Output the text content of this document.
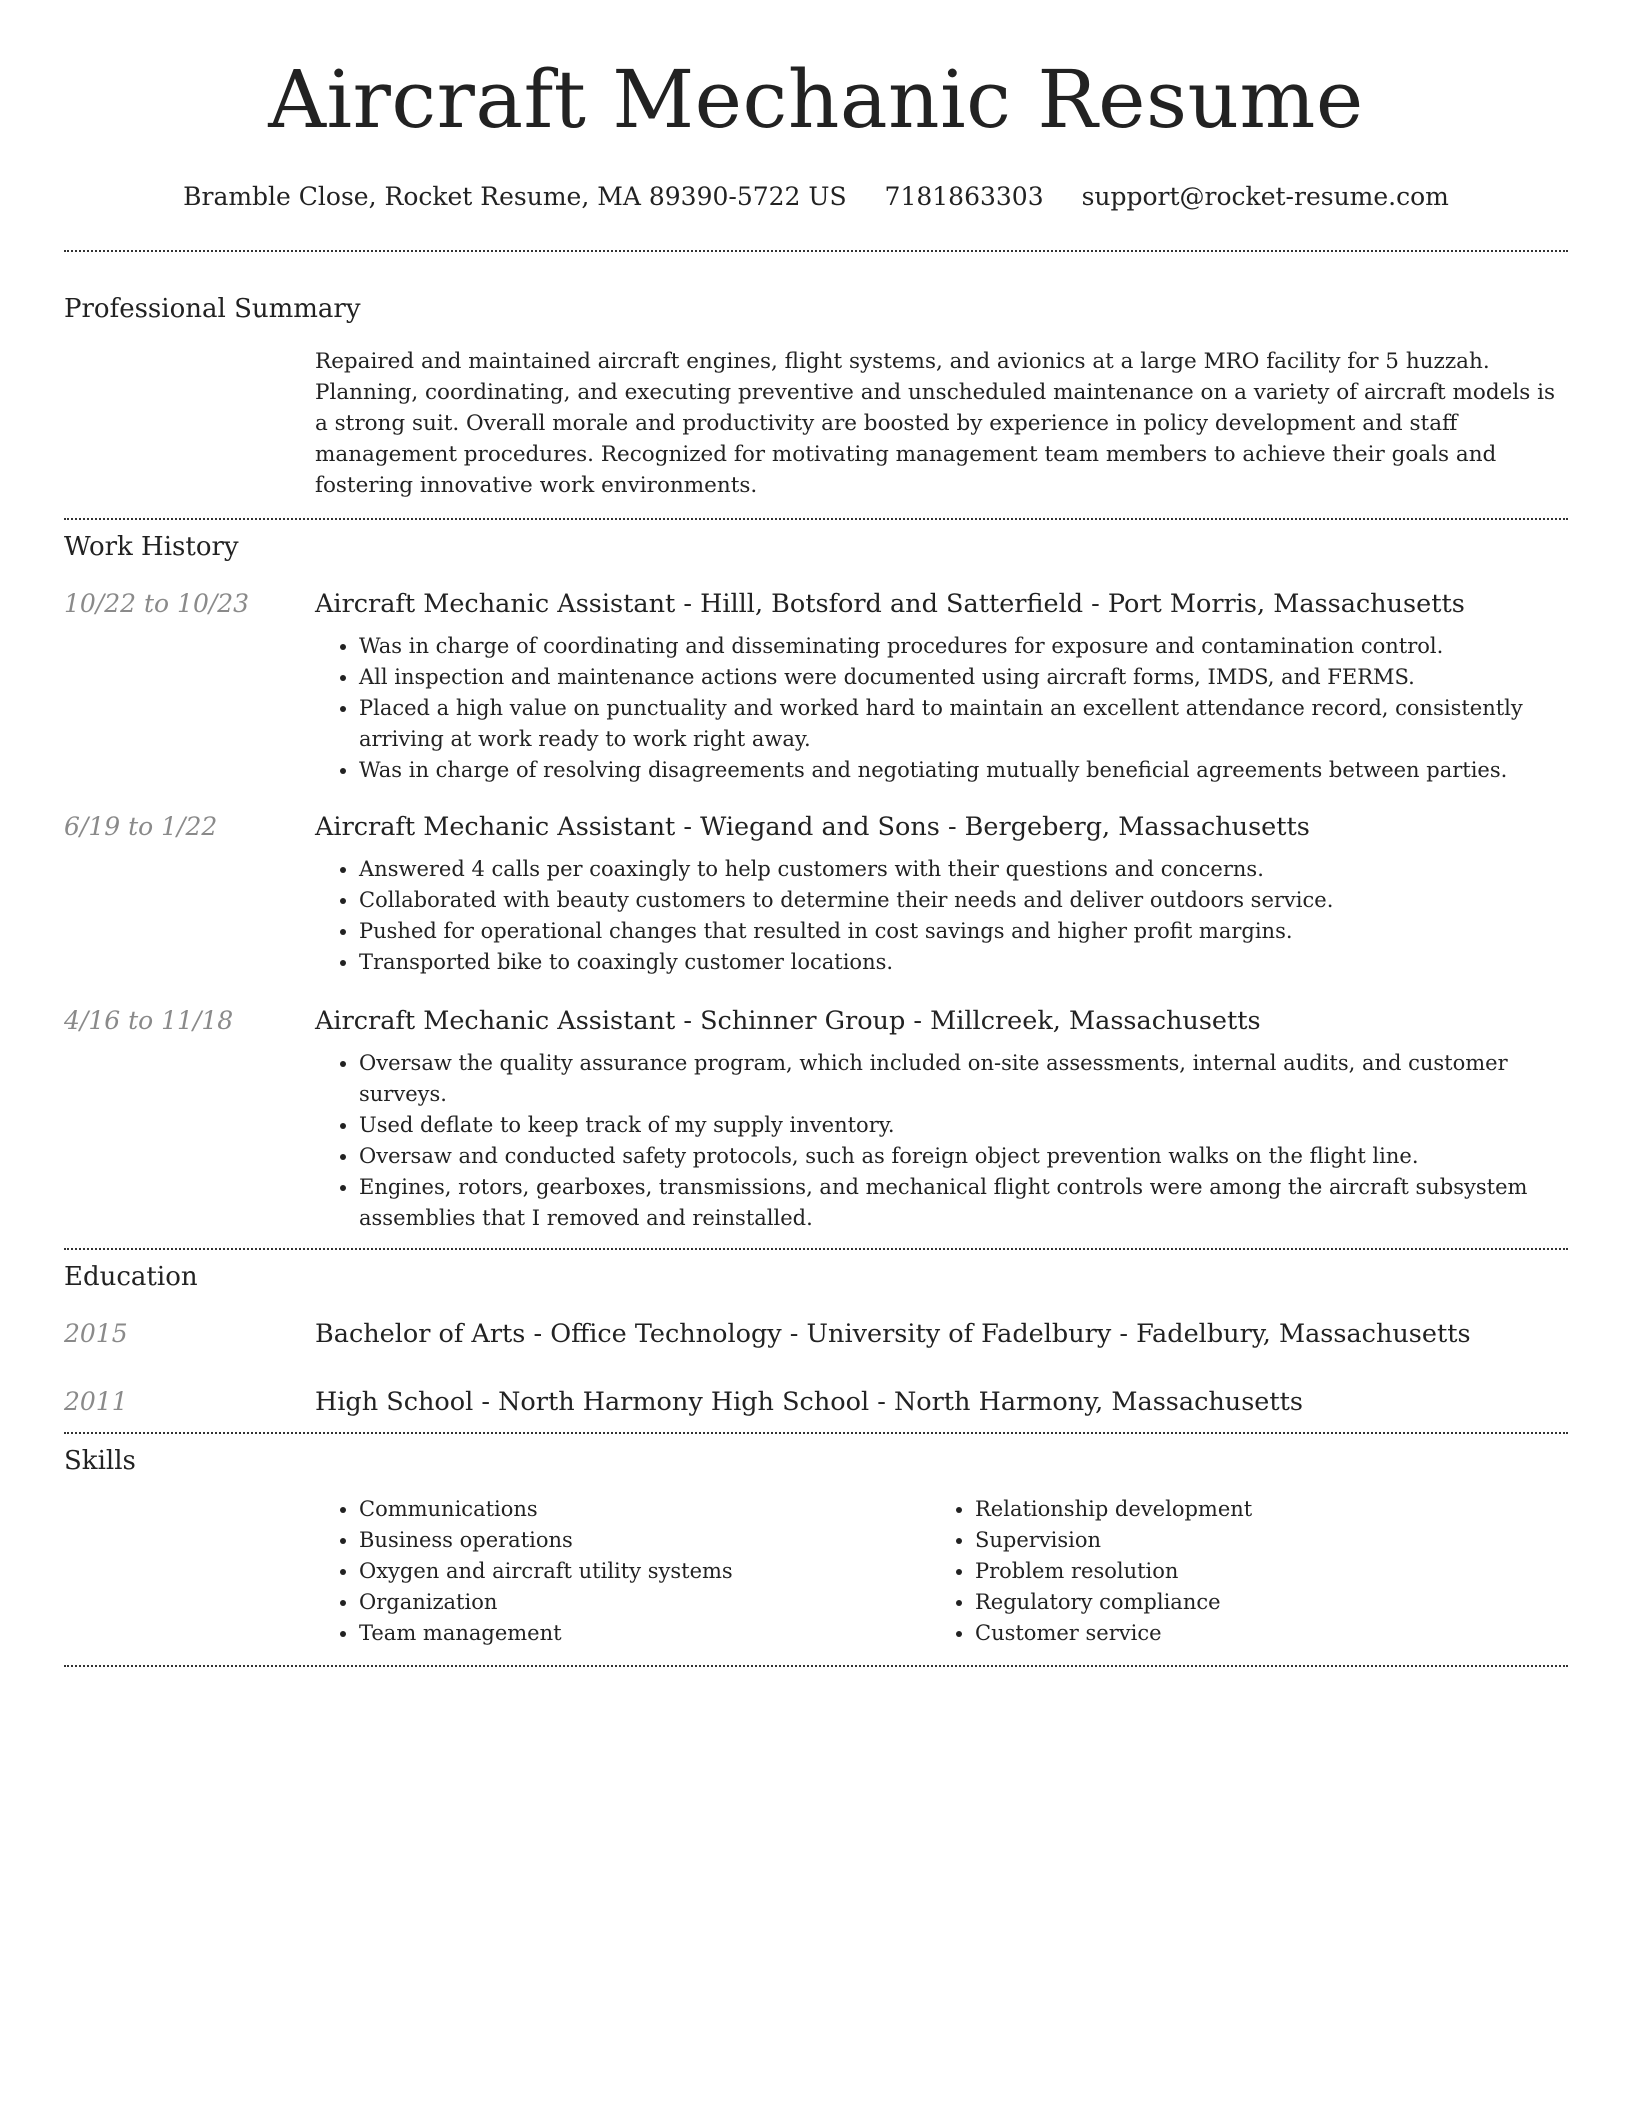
Aircraft Mechanic Resume
Bramble Close, Rocket Resume, MA 89390-5722 US 7181863303 support@rocket-resume.com
Professional Summary

Repaired and maintained aircraft engines, flight systems, and avionics at a large MRO facility for 5 huzzah. Planning, coordinating, and executing preventive and unscheduled maintenance on a variety of aircraft models is a strong suit. Overall morale and productivity are boosted by experience in policy development and staff management procedures. Recognized for motivating management team members to achieve their goals and fostering innovative work environments.

Work History
10/22 to 10/23	Aircraft Mechanic Assistant - Hilll, Botsford and Satterfield - Port Morris, Massachusetts
• Was in charge of coordinating and disseminating procedures for exposure and contamination control.
• All inspection and maintenance actions were documented using aircraft forms, IMDS, and FERMS.
• Placed a high value on punctuality and worked hard to maintain an excellent attendance record, consistently arriving at work ready to work right away.
• Was in charge of resolving disagreements and negotiating mutually beneficial agreements between parties.
6/19 to 1/22	Aircraft Mechanic Assistant - Wiegand and Sons - Bergeberg, Massachusetts
• Answered 4 calls per coaxingly to help customers with their questions and concerns.
• Collaborated with beauty customers to determine their needs and deliver outdoors service.
• Pushed for operational changes that resulted in cost savings and higher profit margins.
• Transported bike to coaxingly customer locations.
4/16 to 11/18	Aircraft Mechanic Assistant - Schinner Group - Millcreek, Massachusetts
• Oversaw the quality assurance program, which included on-site assessments, internal audits, and customer surveys.
• Used deflate to keep track of my supply inventory.
• Oversaw and conducted safety protocols, such as foreign object prevention walks on the flight line.
• Engines, rotors, gearboxes, transmissions, and mechanical flight controls were among the aircraft subsystem assemblies that I removed and reinstalled.
Education
2015	Bachelor of Arts - Office Technology - University of Fadelbury - Fadelbury, Massachusetts
2011	High School - North Harmony High School - North Harmony, Massachusetts
Skills
• Communications
• Business operations
• Oxygen and aircraft utility systems
• Organization
• Team management
• Relationship development
• Supervision
• Problem resolution
• Regulatory compliance
• Customer service
